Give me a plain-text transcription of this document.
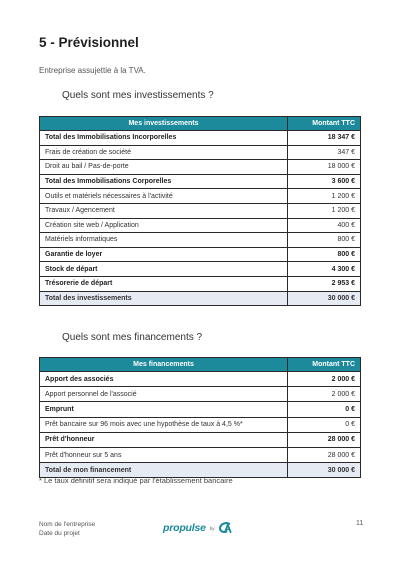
5 - Prévisionnel
Entreprise assujettie à la TVA.
Quels sont mes investissements ?
Mes investissements	Montant TTC
Total des Immobilisations Incorporelles	18 347 €
Frais de création de société	347 €
Droit au bail / Pas-de-porte	18 000 €
Total des Immobilisations Corporelles	3 600 €
Outils et matériels nécessaires à l'activité	1 200 €
Travaux / Agencement	1 200 €
Création site web / Application	400 €
Matériels informatiques	800 €
Garantie de loyer	800 €
Stock de départ	4 300 €
Trésorerie de départ	2 953 €
Total des investissements	30 000 €
Quels sont mes financements ?
Mes financements	Montant TTC
Apport des associés	2 000 €
Apport personnel de l'associé	2 000 €
Emprunt	0 €
Prêt bancaire sur 96 mois avec une hypothèse de taux à 4,5 %*	0 €
Prêt d'honneur	28 000 €
Prêt d'honneur sur 5 ans	28 000 €
Total de mon financement	30 000 €
* Le taux définitif sera indiqué par l'établissement bancaire
Nom de l'entreprise
Date du projet	propulse by
11
